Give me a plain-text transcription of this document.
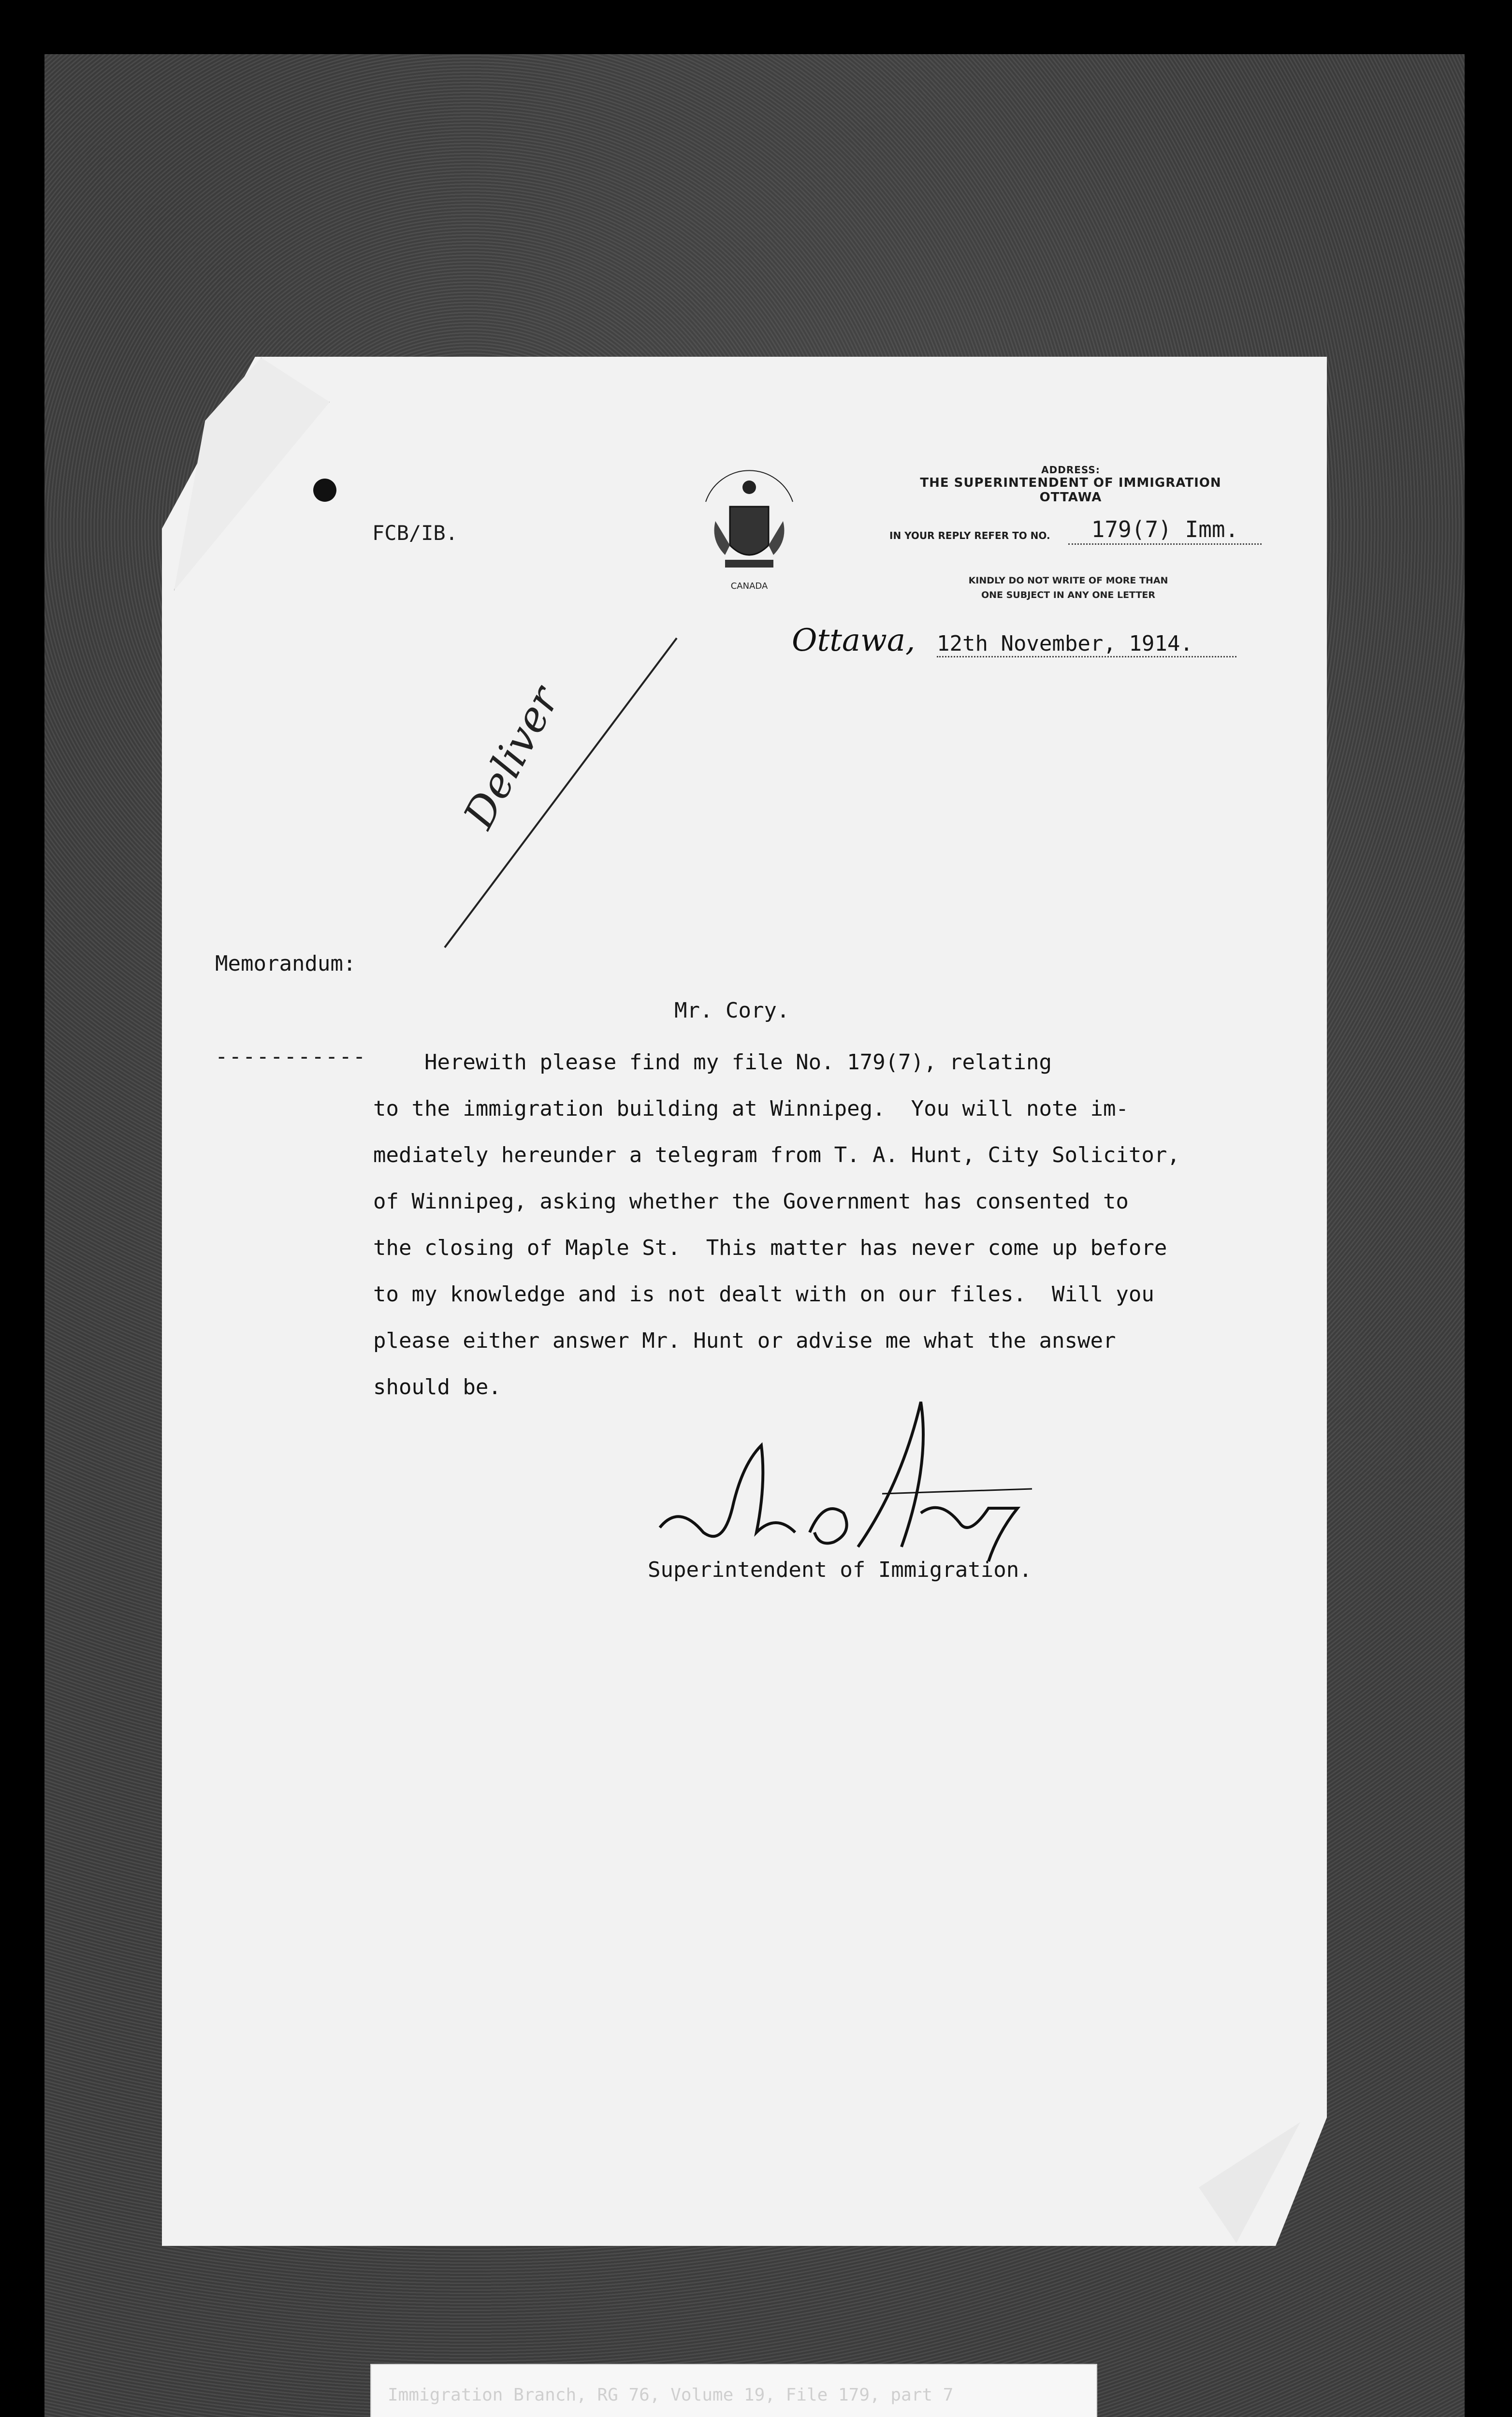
FCB/IB.
CANADA
ADDRESS:
THE SUPERINTENDENT OF IMMIGRATION
OTTAWA
IN YOUR REPLY REFER TO NO.	179(7) Imm.
KINDLY DO NOT WRITE OF MORE THAN
ONE SUBJECT IN ANY ONE LETTER
Ottawa, 12th November, 1914.
Deliver
Memorandum:
Mr. Cory.
----------- Herewith please find my file No. 179(7), relating
to the immigration building at Winnipeg.  You will note im-
mediately hereunder a telegram from T. A. Hunt, City Solicitor,
of Winnipeg, asking whether the Government has consented to
the closing of Maple St.  This matter has never come up before
to my knowledge and is not dealt with on our files.  Will you
please either answer Mr. Hunt or advise me what the answer
should be.
Superintendent of Immigration.
Immigration Branch, RG 76, Volume 19, File 179, part 7
